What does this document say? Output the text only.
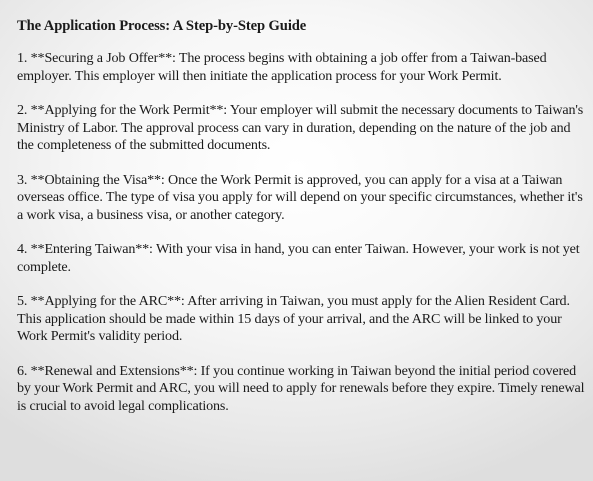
The Application Process: A Step-by-Step Guide
1. **Securing a Job Offer**: The process begins with obtaining a job offer from a Taiwan-based employer. This employer will then initiate the application process for your Work Permit.
2. **Applying for the Work Permit**: Your employer will submit the necessary documents to Taiwan's Ministry of Labor. The approval process can vary in duration, depending on the nature of the job and the completeness of the submitted documents.
3. **Obtaining the Visa**: Once the Work Permit is approved, you can apply for a visa at a Taiwan overseas office. The type of visa you apply for will depend on your specific circumstances, whether it's a work visa, a business visa, or another category.
4. **Entering Taiwan**: With your visa in hand, you can enter Taiwan. However, your work is not yet complete.
5. **Applying for the ARC**: After arriving in Taiwan, you must apply for the Alien Resident Card. This application should be made within 15 days of your arrival, and the ARC will be linked to your Work Permit's validity period.
6. **Renewal and Extensions**: If you continue working in Taiwan beyond the initial period covered by your Work Permit and ARC, you will need to apply for renewals before they expire. Timely renewal is crucial to avoid legal complications.
